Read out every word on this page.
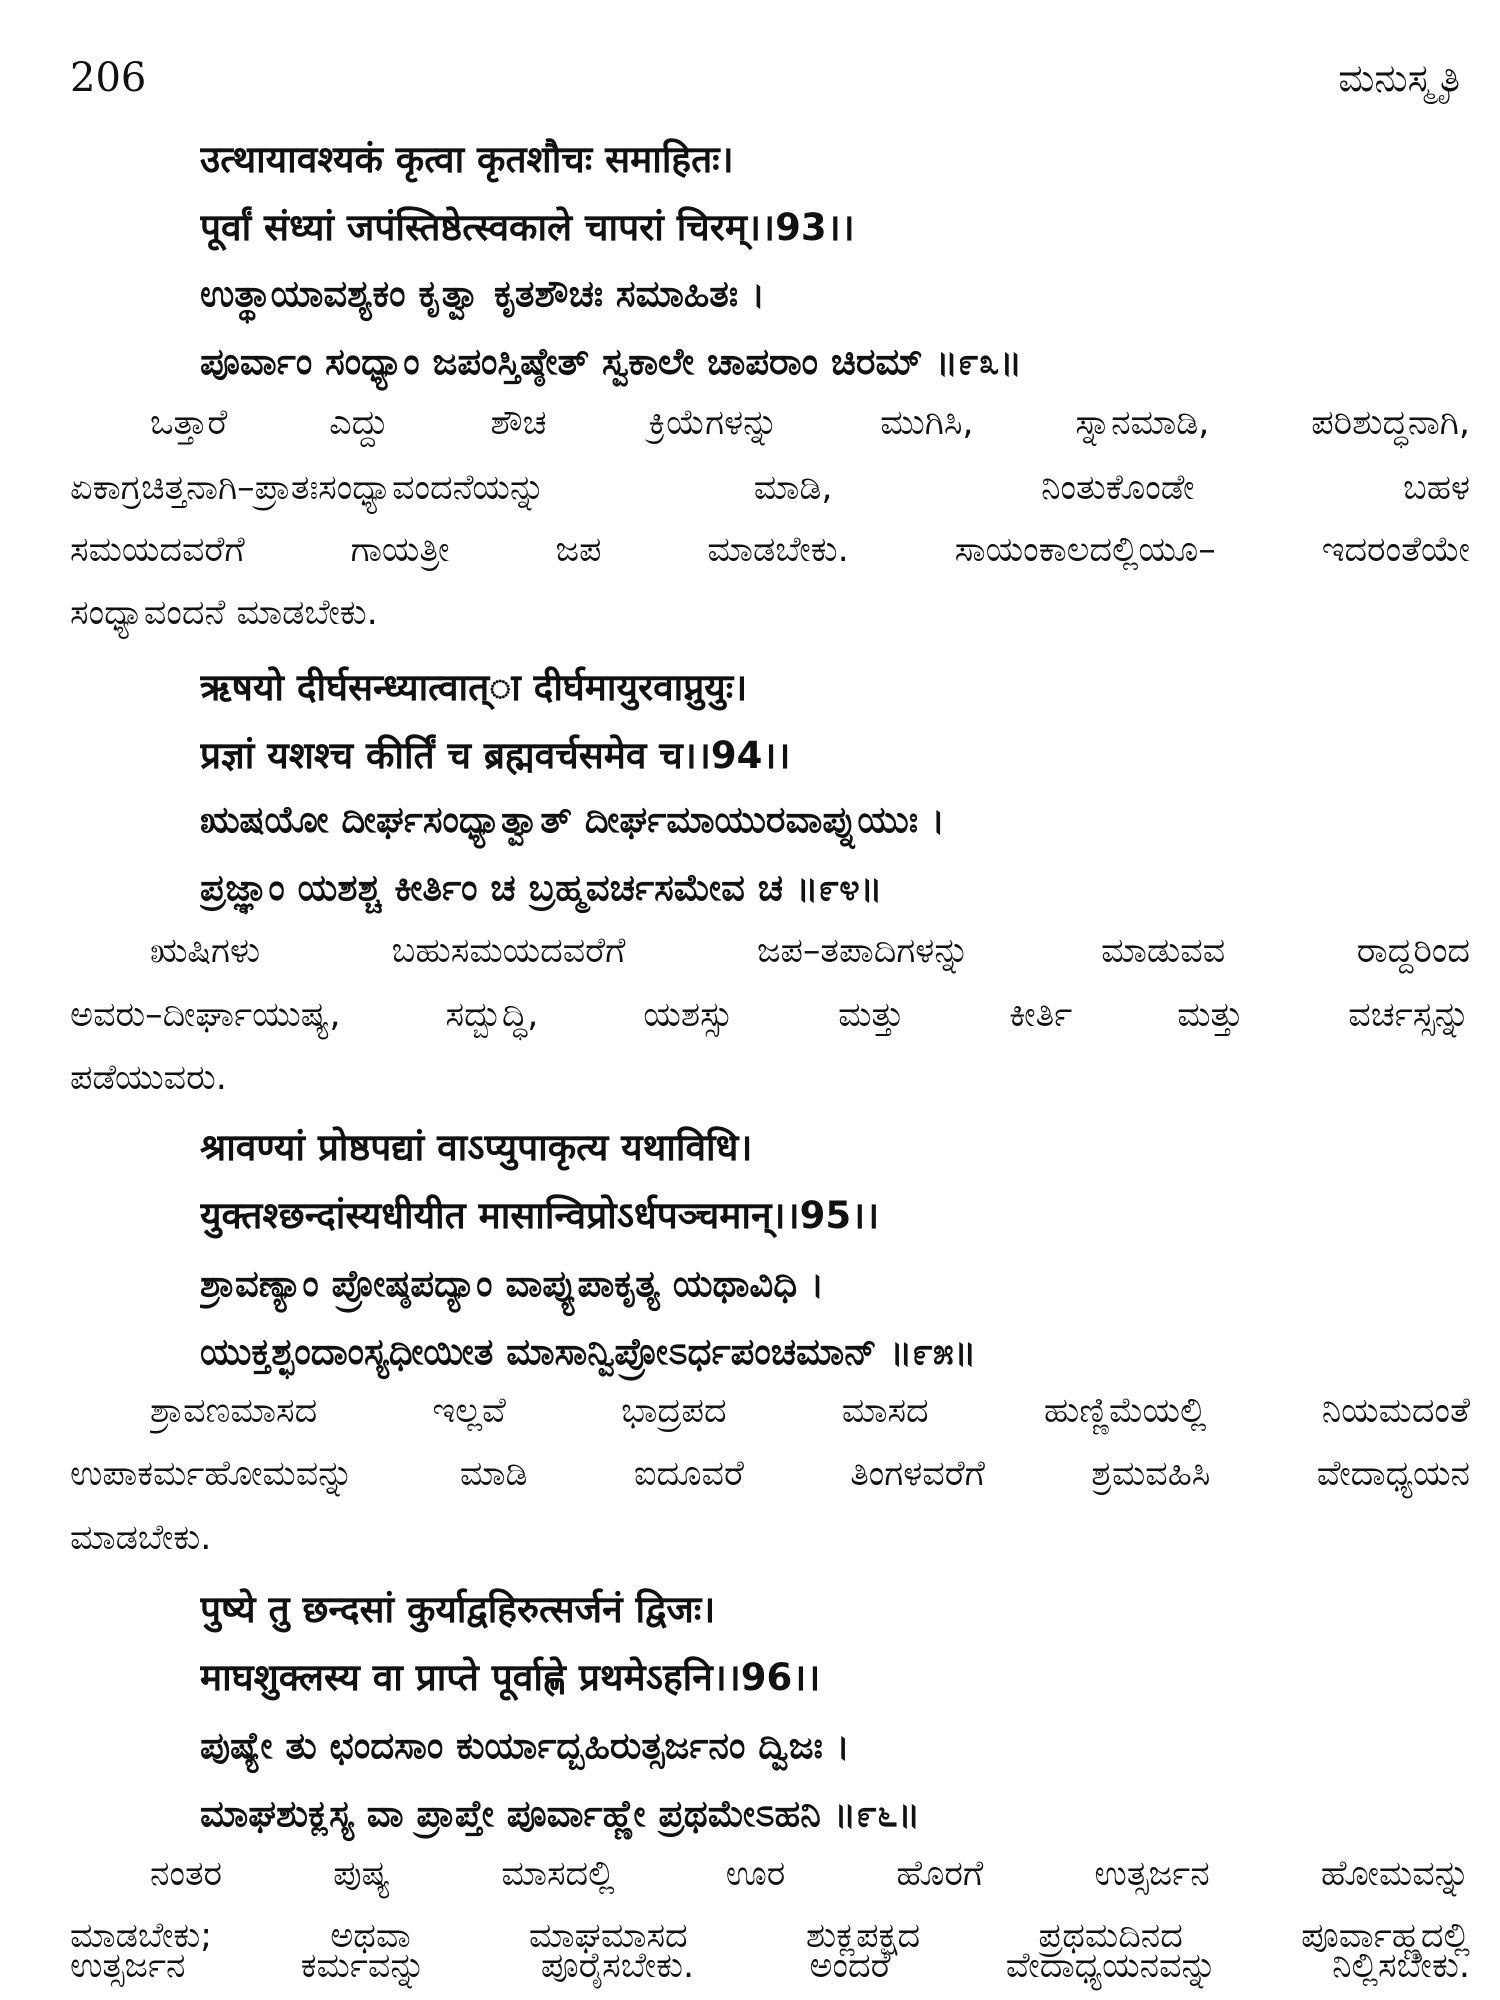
206	ಮನುಸ್ಮೃತಿ
उत्थायावश्यकं कृत्वा कृतशौचः समाहितः।
पूर्वां संध्यां जपंस्तिष्ठेत्स्वकाले चापरां चिरम्।।93।।
ಉತ್ಥಾಯಾವಶ್ಯಕಂ ಕೃತ್ವಾ ಕೃತಶೌಚಃ ಸಮಾಹಿತಃ ।
ಪೂರ್ವಾಂ ಸಂಧ್ಯಾಂ ಜಪಂಸ್ತಿಷ್ಠೇತ್ ಸ್ವಕಾಲೇ ಚಾಪರಾಂ ಚಿರಮ್ ॥೯೩॥
ಒತ್ತಾರೆ ಎದ್ದು ಶೌಚ ಕ್ರಿಯೆಗಳನ್ನು ಮುಗಿಸಿ, ಸ್ನಾನಮಾಡಿ, ಪರಿಶುದ್ಧನಾಗಿ,
ಏಕಾಗ್ರಚಿತ್ತನಾಗಿ–ಪ್ರಾತಃಸಂಧ್ಯಾವಂದನೆಯನ್ನು ಮಾಡಿ, ನಿಂತುಕೊಂಡೇ ಬಹಳ
ಸಮಯದವರೆಗೆ ಗಾಯತ್ರೀ ಜಪ ಮಾಡಬೇಕು. ಸಾಯಂಕಾಲದಲ್ಲಿಯೂ– ಇದರಂತೆಯೇ
ಸಂಧ್ಯಾವಂದನೆ ಮಾಡಬೇಕು.
ऋषयो दीर्घसन्ध्यात्वात्ा दीर्घमायुरवाप्नुयुः।
प्रज्ञां यशश्च कीर्तिं च ब्रह्मवर्चसमेव च।।94।।
ಋಷಯೋ ದೀರ್ಘಸಂಧ್ಯಾತ್ವಾತ್ ದೀರ್ಘಮಾಯುರವಾಪ್ನುಯುಃ ।
ಪ್ರಜ್ಞಾಂ ಯಶಶ್ಚ ಕೀರ್ತಿಂ ಚ ಬ್ರಹ್ಮವರ್ಚಸಮೇವ ಚ ॥೯೪॥
ಋಷಿಗಳು ಬಹುಸಮಯದವರೆಗೆ ಜಪ–ತಪಾದಿಗಳನ್ನು ಮಾಡುವವ ರಾದ್ದರಿಂದ
ಅವರು–ದೀರ್ಘಾಯುಷ್ಯ, ಸದ್ಬುದ್ಧಿ, ಯಶಸ್ಸು ಮತ್ತು ಕೀರ್ತಿ ಮತ್ತು ವರ್ಚಸ್ಸನ್ನು
ಪಡೆಯುವರು.
श्रावण्यां प्रोष्ठपद्यां वाऽप्युपाकृत्य यथाविधि।
युक्तश्छन्दांस्यधीयीत मासान्विप्रोऽर्धपञ्चमान्।।95।।
ಶ್ರಾವಣ್ಯಾಂ ಪ್ರೋಷ್ಠಪದ್ಯಾಂ ವಾಪ್ಯುಪಾಕೃತ್ಯ ಯಥಾವಿಧಿ ।
ಯುಕ್ತಶ್ಛಂದಾಂಸ್ಯಧೀಯೀತ ಮಾಸಾನ್ವಿಪ್ರೋಽರ್ಧಪಂಚಮಾನ್ ॥೯೫॥
ಶ್ರಾವಣಮಾಸದ ಇಲ್ಲವೆ ಭಾದ್ರಪದ ಮಾಸದ ಹುಣ್ಣಿಮೆಯಲ್ಲಿ ನಿಯಮದಂತೆ
ಉಪಾಕರ್ಮಹೋಮವನ್ನು ಮಾಡಿ ಐದೂವರೆ ತಿಂಗಳವರೆಗೆ ಶ್ರಮವಹಿಸಿ ವೇದಾಧ್ಯಯನ
ಮಾಡಬೇಕು.
पुष्ये तु छन्दसां कुर्याद्वहिरुत्सर्जनं द्विजः।
माघशुक्लस्य वा प्राप्ते पूर्वाह्णे प्रथमेऽहनि।।96।।
ಪುಷ್ಯೇ ತು ಛಂದಸಾಂ ಕುರ್ಯಾದ್ಬಹಿರುತ್ಸರ್ಜನಂ ದ್ವಿಜಃ ।
ಮಾಘಶುಕ್ಲಸ್ಯ ವಾ ಪ್ರಾಪ್ತೇ ಪೂರ್ವಾಹ್ಣೇ ಪ್ರಥಮೇಽಹನಿ ॥೯೬॥
ನಂತರ ಪುಷ್ಯ ಮಾಸದಲ್ಲಿ ಊರ ಹೊರಗೆ ಉತ್ಸರ್ಜನ ಹೋಮವನ್ನು
ಮಾಡಬೇಕು; ಅಥವಾ ಮಾಘಮಾಸದ ಶುಕ್ಲಪಕ್ಷದ ಪ್ರಥಮದಿನದ ಪೂರ್ವಾಹ್ಣದಲ್ಲಿ
ಉತ್ಸರ್ಜನ ಕರ್ಮವನ್ನು ಪೂರೈಸಬೇಕು. ಅಂದರೆ ವೇದಾಧ್ಯಯನವನ್ನು ನಿಲ್ಲಿಸಬೇಕು.
